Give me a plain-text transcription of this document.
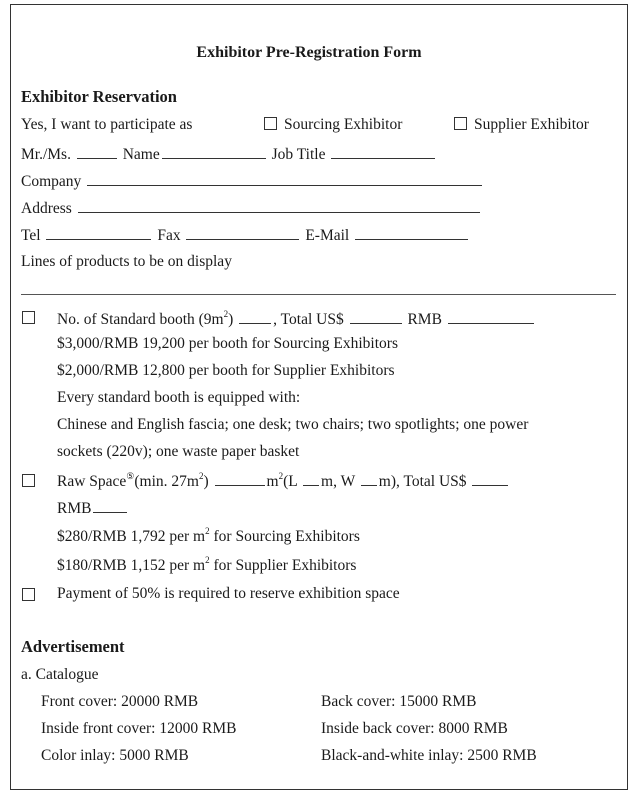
Exhibitor Pre-Registration Form
Exhibitor Reservation
Yes, I want to participate as	Sourcing Exhibitor	Supplier Exhibitor
Mr./Ms.	Name	Job Title
Company
Address
Tel	Fax	E-Mail
Lines of products to be on display
No. of Standard booth $(9m^2)$	, Total US$	RMB
$3,000/RMB 19,200 per booth for Sourcing Exhibitors
$2,000/RMB 12,800 per booth for Supplier Exhibitors
Every standard booth is equipped with:
Chinese and English fascia; one desk; two chairs; two spotlights; one power
sockets (220v); one waste paper basket
Raw Space⑤(min. $27m^2$)	$m^2(L$ m, W m), Total US$
RMB
$280/RMB 1,792 per $m^2$ for Sourcing Exhibitors
$180/RMB 1,152 per $m^2$ for Supplier Exhibitors
Payment of 50% is required to reserve exhibition space
Advertisement
a. Catalogue
Front cover: 20000 RMB	Back cover: 15000 RMB
Inside front cover: 12000 RMB	Inside back cover: 8000 RMB
Color inlay: 5000 RMB	Black-and-white inlay: 2500 RMB
